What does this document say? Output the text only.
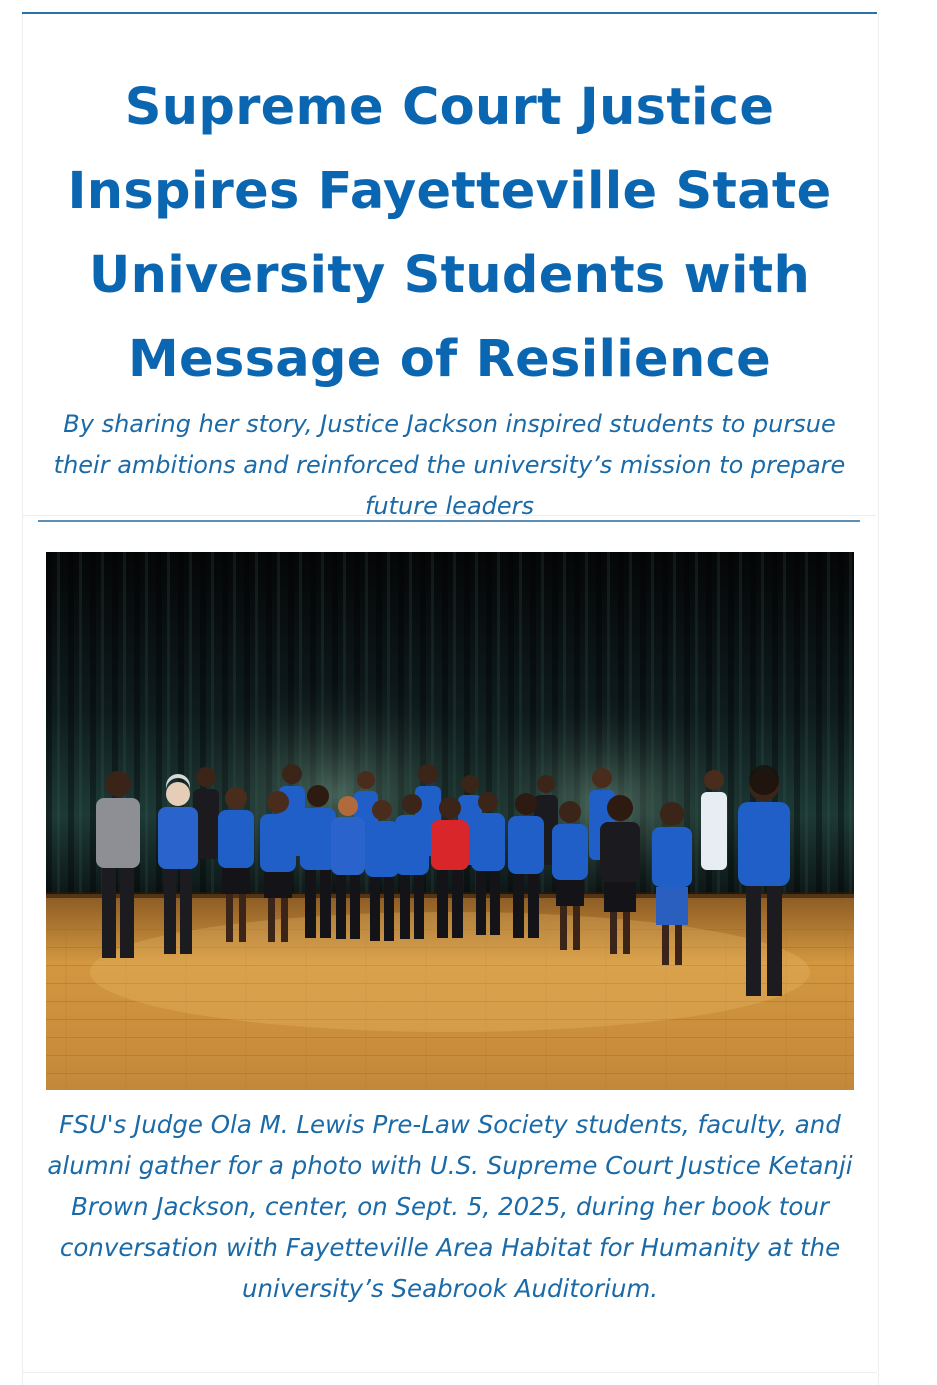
Supreme Court Justice Inspires Fayetteville State University Students with Message of Resilience

By sharing her story, Justice Jackson inspired students to pursue their ambitions and reinforced the university’s mission to prepare future leaders

FSU's Judge Ola M. Lewis Pre-Law Society students, faculty, and alumni gather for a photo with U.S. Supreme Court Justice Ketanji Brown Jackson, center, on Sept. 5, 2025, during her book tour conversation with Fayetteville Area Habitat for Humanity at the university’s Seabrook Auditorium.
